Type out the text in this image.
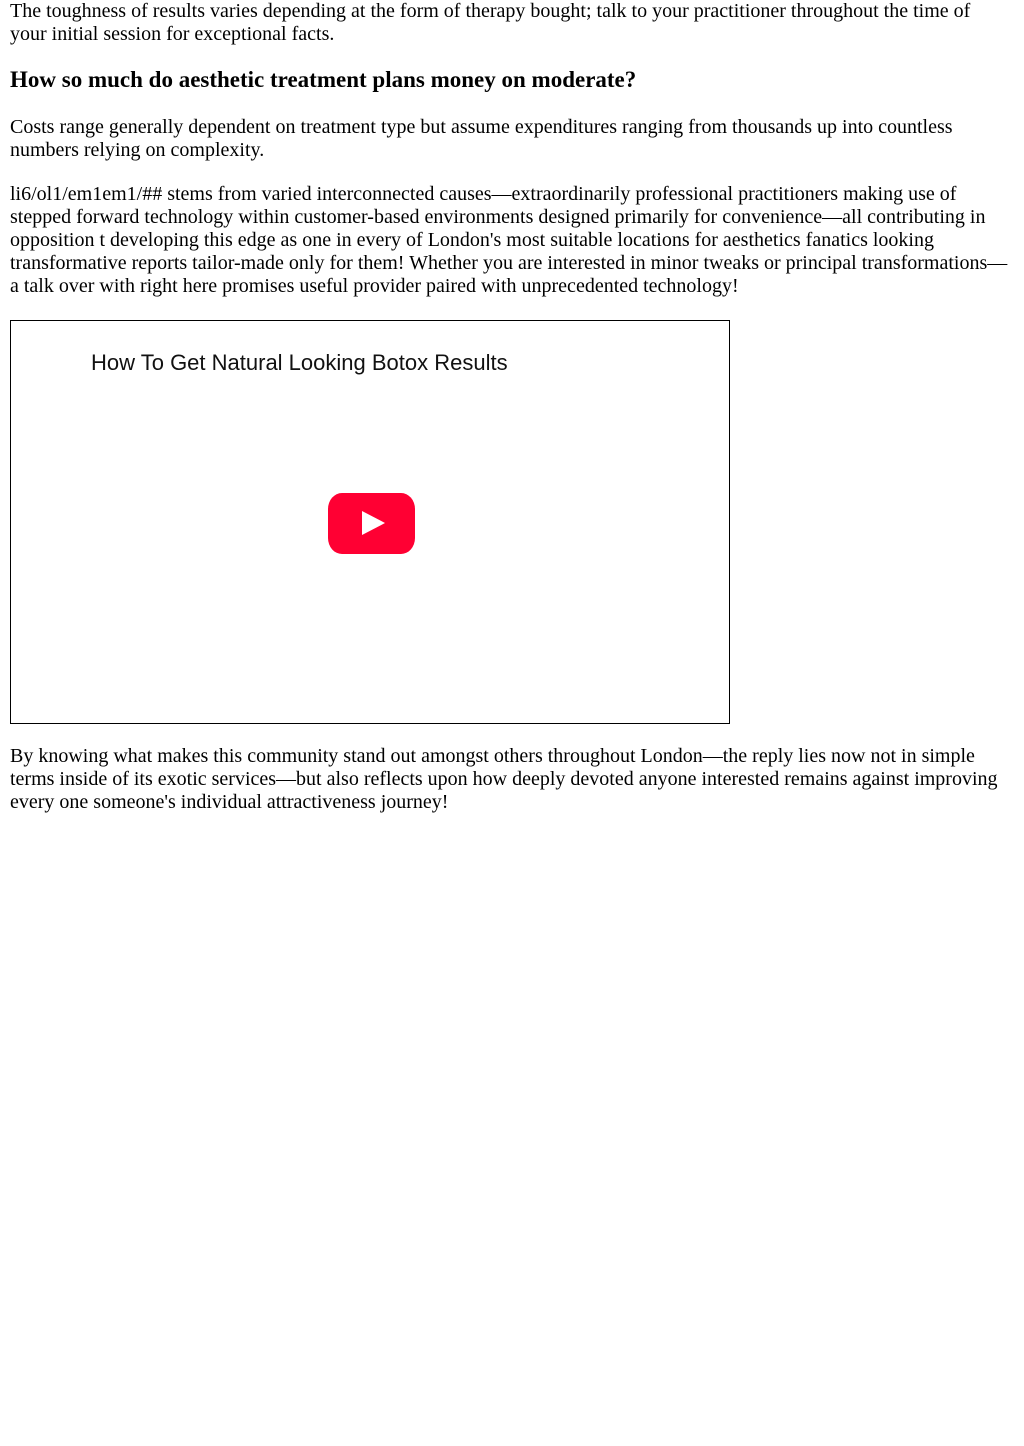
The toughness of results varies depending at the form of therapy bought; talk to your practitioner throughout the time of your initial session for exceptional facts.

How so much do aesthetic treatment plans money on moderate?

Costs range generally dependent on treatment type but assume expenditures ranging from thousands up into countless numbers relying on complexity.

li6/ol1/em1em1/## stems from varied interconnected causes—extraordinarily professional practitioners making use of stepped forward technology within customer-based environments designed primarily for convenience—all contributing in opposition t developing this edge as one in every of London's most suitable locations for aesthetics fanatics looking transformative reports tailor-made only for them! Whether you are interested in minor tweaks or principal transformations—a talk over with right here promises useful provider paired with unprecedented technology!

How To Get Natural Looking Botox Results

By knowing what makes this community stand out amongst others throughout London—the reply lies now not in simple terms inside of its exotic services—but also reflects upon how deeply devoted anyone interested remains against improving every one someone's individual attractiveness journey!
